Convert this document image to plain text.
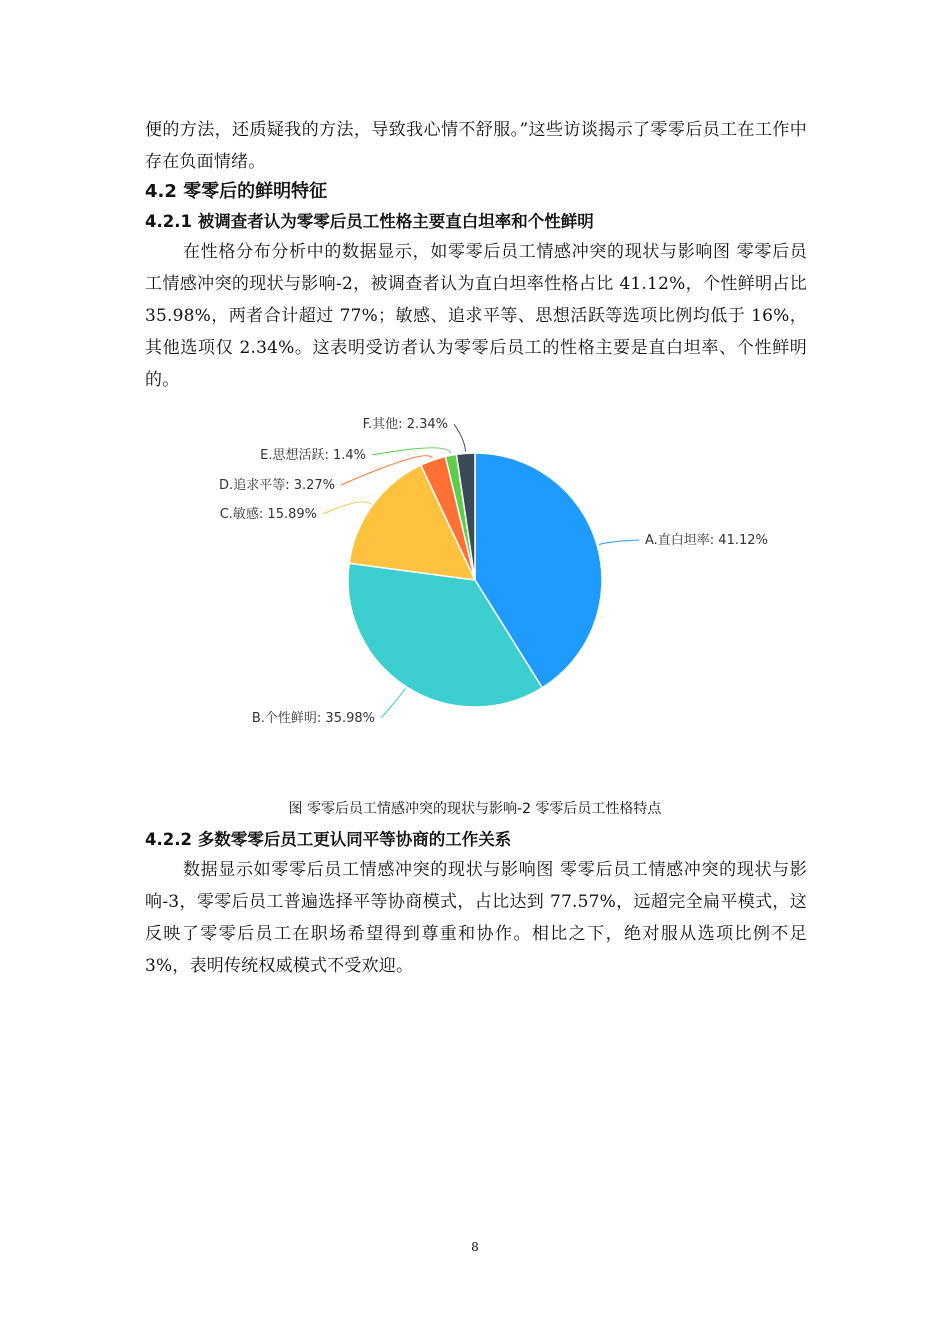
便的方法，还质疑我的方法，导致我心情不舒服。”这些访谈揭示了零零后员工在工作中存在负面情绪。

4.2 零零后的鲜明特征

4.2.1 被调查者认为零零后员工性格主要直白坦率和个性鲜明

在性格分布分析中的数据显示，如零零后员工情感冲突的现状与影响图 零零后员工情感冲突的现状与影响-2，被调查者认为直白坦率性格占比 41.12%，个性鲜明占比 35.98%，两者合计超过 77%；敏感、追求平等、思想活跃等选项比例均低于 16%，其他选项仅 2.34%。这表明受访者认为零零后员工的性格主要是直白坦率、个性鲜明的。

A.直白坦率: 41.12%
B.个性鲜明: 35.98%
C.敏感: 15.89%
D.追求平等: 3.27%
E.思想活跃: 1.4%
F.其他: 2.34%
图 零零后员工情感冲突的现状与影响-2 零零后员工性格特点

4.2.2 多数零零后员工更认同平等协商的工作关系

数据显示如零零后员工情感冲突的现状与影响图 零零后员工情感冲突的现状与影响-3，零零后员工普遍选择平等协商模式，占比达到 77.57%，远超完全扁平模式，这反映了零零后员工在职场希望得到尊重和协作。相比之下，绝对服从选项比例不足 3%，表明传统权威模式不受欢迎。

8
